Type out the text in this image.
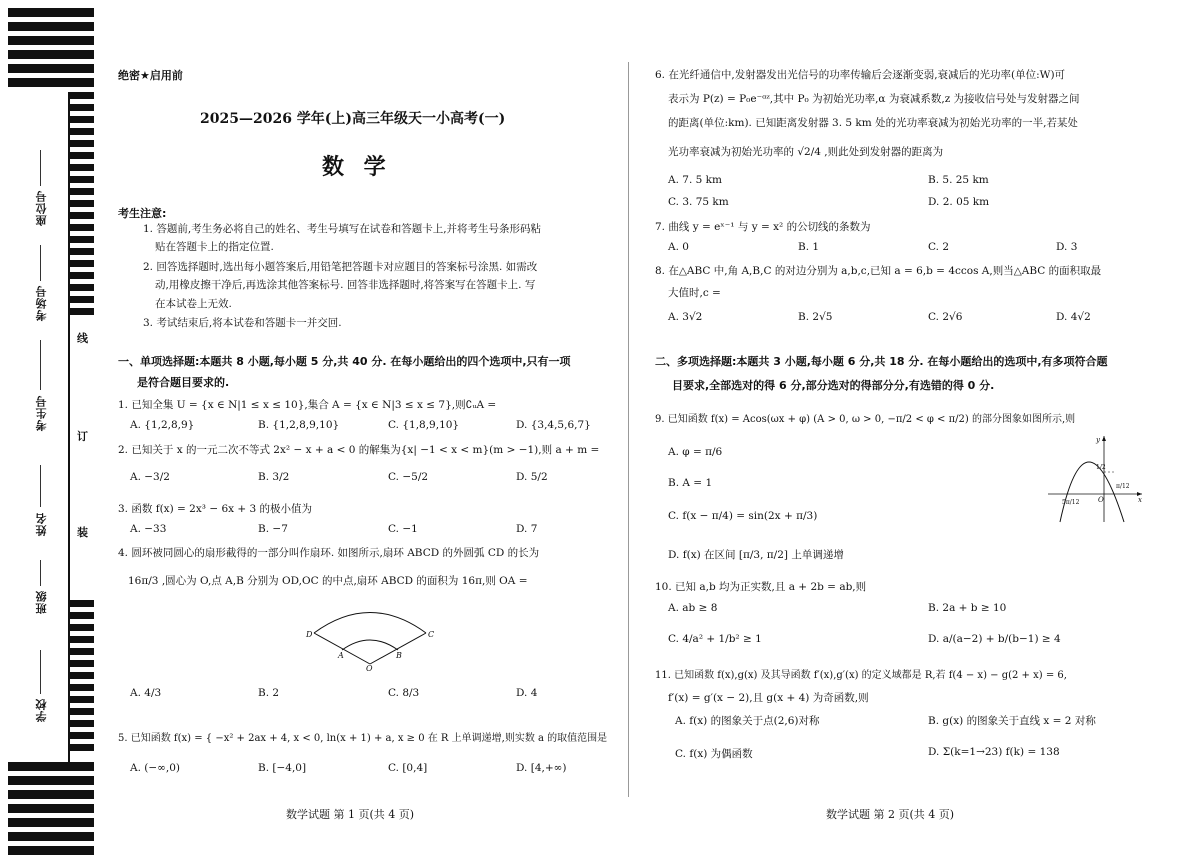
座位号
考场号
考生号
姓名
班级
学校
线
订
装
绝密★启用前
2025—2026 学年(上)高三年级天一小高考(一)
数 学
考生注意:
1. 答题前,考生务必将自己的姓名、考生号填写在试卷和答题卡上,并将考生号条形码粘
贴在答题卡上的指定位置.
2. 回答选择题时,选出每小题答案后,用铅笔把答题卡对应题目的答案标号涂黑. 如需改
动,用橡皮擦干净后,再选涂其他答案标号. 回答非选择题时,将答案写在答题卡上. 写
在本试卷上无效.
3. 考试结束后,将本试卷和答题卡一并交回.
一、单项选择题:本题共 8 小题,每小题 5 分,共 40 分. 在每小题给出的四个选项中,只有一项
是符合题目要求的.
1. 已知全集 U = {x ∈ N|1 ≤ x ≤ 10},集合 A = {x ∈ N|3 ≤ x ≤ 7},则∁ᵤA =
A. {1,2,8,9}	B. {1,2,8,9,10}	C. {1,8,9,10}	D. {3,4,5,6,7}
2. 已知关于 x 的一元二次不等式 2x² − x + a < 0 的解集为{x| −1 < x < m}(m > −1),则 a + m =
A. −3/2	B. 3/2	C. −5/2	D. 5/2
3. 函数 f(x) = 2x³ − 6x + 3 的极小值为
A. −33	B. −7	C. −1	D. 7
4. 圆环被同圆心的扇形截得的一部分叫作扇环. 如图所示,扇环 ABCD 的外圆弧 CD 的长为
16π/3 ,圆心为 O,点 A,B 分别为 OD,OC 的中点,扇环 ABCD 的面积为 16π,则 OA =
D	C
A	B
O
A. 4/3	B. 2	C. 8/3	D. 4
5. 已知函数 f(x) = { −x² + 2ax + 4, x < 0, ln(x + 1) + a, x ≥ 0 在 R 上单调递增,则实数 a 的取值范围是
A. (−∞,0)	B. [−4,0]	C. [0,4]	D. [4,+∞)
数学试题 第 1 页(共 4 页)
6. 在光纤通信中,发射器发出光信号的功率传输后会逐渐变弱,衰减后的光功率(单位:W)可
表示为 P(z) = P₀e⁻ᵅᶻ,其中 P₀ 为初始光功率,α 为衰减系数,z 为接收信号处与发射器之间
的距离(单位:km). 已知距离发射器 3. 5 km 处的光功率衰减为初始光功率的一半,若某处
光功率衰减为初始光功率的 √2/4 ,则此处到发射器的距离为
A. 7. 5 km	B. 5. 25 km
C. 3. 75 km	D. 2. 05 km
7. 曲线 y = eˣ⁻¹ 与 y = x² 的公切线的条数为
A. 0	B. 1	C. 2	D. 3
8. 在△ABC 中,角 A,B,C 的对边分别为 a,b,c,已知 a = 6,b = 4ccos A,则当△ABC 的面积取最
大值时,c =
A. 3√2	B. 2√5	C. 2√6	D. 4√2
二、多项选择题:本题共 3 小题,每小题 6 分,共 18 分. 在每小题给出的选项中,有多项符合题
目要求,全部选对的得 6 分,部分选对的得部分分,有选错的得 0 分.
9. 已知函数 f(x) = Acos(ωx + φ) (A > 0, ω > 0, −π/2 < φ < π/2) 的部分图象如图所示,则
A. φ = π/6
B. A = 1
C. f(x − π/4) = sin(2x + π/3)
D. f(x) 在区间 [π/3, π/2] 上单调递增
y
x
O
1/2
π/12
5π/12
10. 已知 a,b 均为正实数,且 a + 2b = ab,则
A. ab ≥ 8	B. 2a + b ≥ 10
C. 4/a² + 1/b² ≥ 1	D. a/(a−2) + b/(b−1) ≥ 4
11. 已知函数 f(x),g(x) 及其导函数 f′(x),g′(x) 的定义域都是 R,若 f(4 − x) − g(2 + x) = 6,
f′(x) = g′(x − 2),且 g(x + 4) 为奇函数,则
A. f(x) 的图象关于点(2,6)对称	B. g(x) 的图象关于直线 x = 2 对称
C. f(x) 为偶函数	D. Σ(k=1→23) f(k) = 138
数学试题 第 2 页(共 4 页)
